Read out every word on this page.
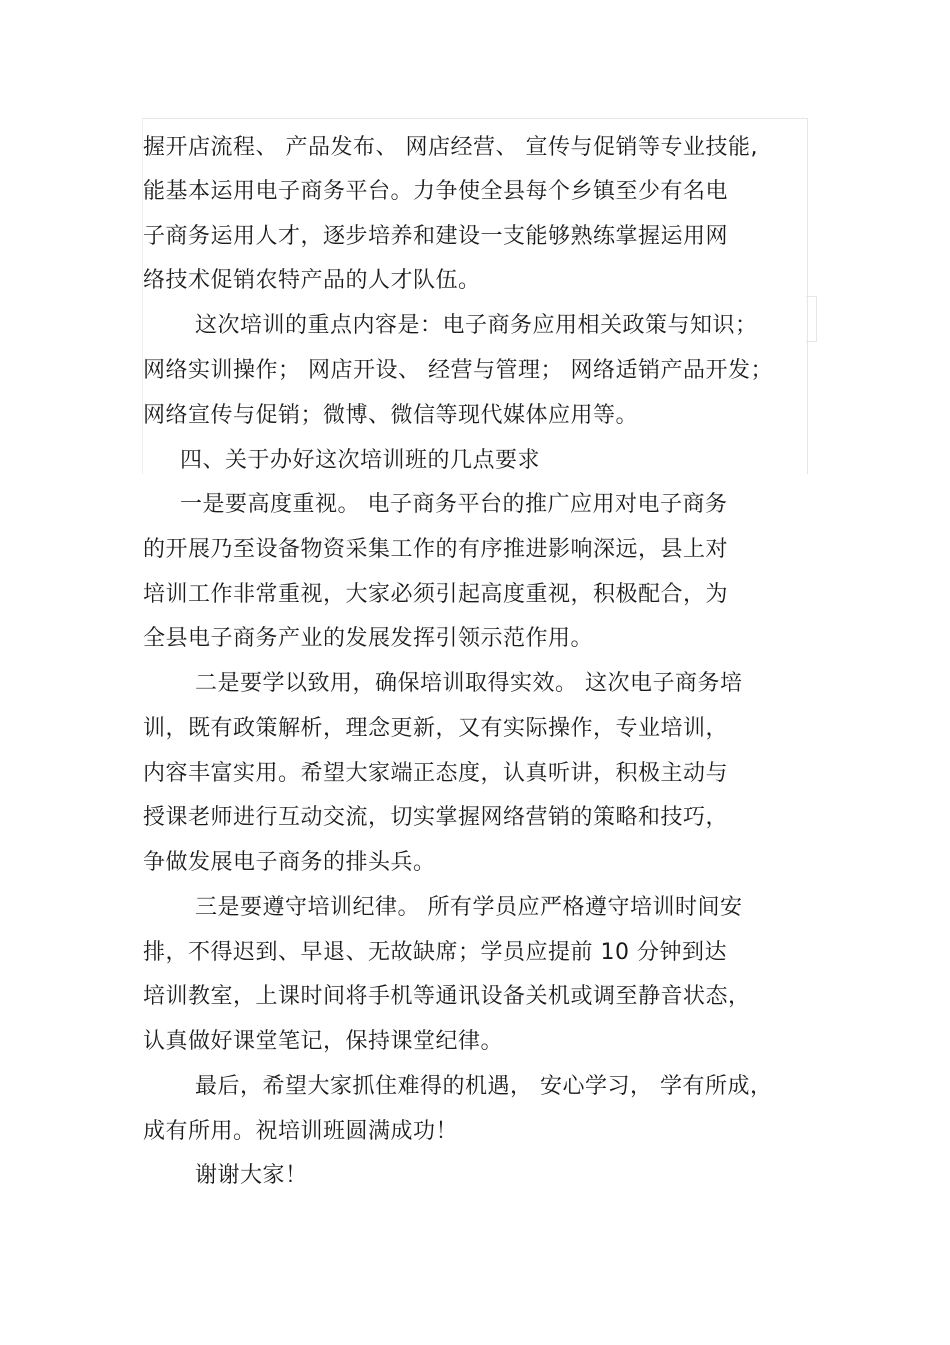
握开店流程、 产品发布、 网店经营、 宣传与促销等专业技能,
能基本运用电子商务平台。力争使全县每个乡镇至少有名电
子商务运用人才，逐步培养和建设一支能够熟练掌握运用网
络技术促销农特产品的人才队伍。
这次培训的重点内容是：电子商务应用相关政策与知识；
网络实训操作； 网店开设、 经营与管理； 网络适销产品开发；
网络宣传与促销；微博、微信等现代媒体应用等。
四、关于办好这次培训班的几点要求
一是要高度重视。 电子商务平台的推广应用对电子商务
的开展乃至设备物资采集工作的有序推进影响深远，县上对
培训工作非常重视，大家必须引起高度重视，积极配合，为
全县电子商务产业的发展发挥引领示范作用。
二是要学以致用，确保培训取得实效。 这次电子商务培
训，既有政策解析，理念更新，又有实际操作，专业培训，
内容丰富实用。希望大家端正态度，认真听讲，积极主动与
授课老师进行互动交流，切实掌握网络营销的策略和技巧，
争做发展电子商务的排头兵。
三是要遵守培训纪律。 所有学员应严格遵守培训时间安
排，不得迟到、早退、无故缺席；学员应提前 10 分钟到达
培训教室，上课时间将手机等通讯设备关机或调至静音状态，
认真做好课堂笔记，保持课堂纪律。
最后，希望大家抓住难得的机遇， 安心学习， 学有所成，
成有所用。祝培训班圆满成功！
谢谢大家！
